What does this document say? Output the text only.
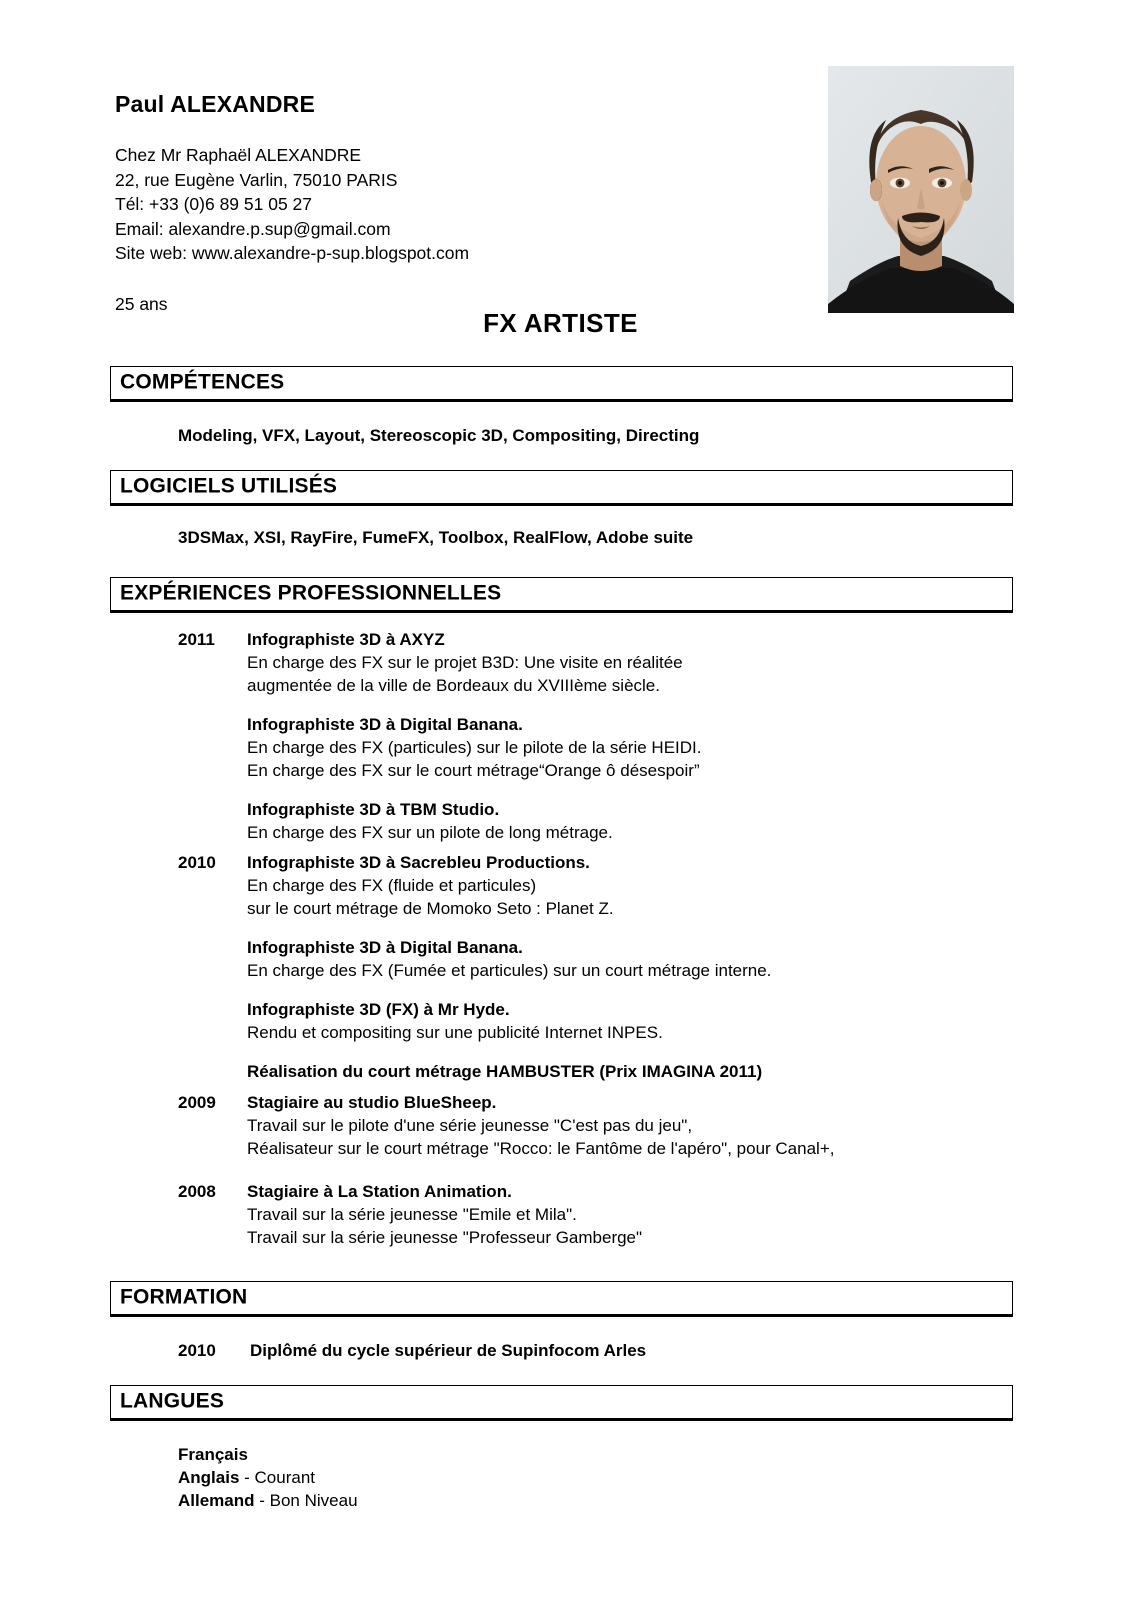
Paul ALEXANDRE
Chez Mr Raphaël ALEXANDRE
22, rue Eugène Varlin, 75010 PARIS
Tél: +33 (0)6 89 51 05 27
Email: alexandre.p.sup@gmail.com
Site web: www.alexandre-p-sup.blogspot.com
25 ans
FX ARTISTE
COMPÉTENCES
Modeling, VFX, Layout, Stereoscopic 3D, Compositing, Directing
LOGICIELS UTILISÉS
3DSMax, XSI, RayFire, FumeFX, Toolbox, RealFlow, Adobe suite
EXPÉRIENCES PROFESSIONNELLES
2011	Infographiste 3D à AXYZ
En charge des FX sur le projet B3D: Une visite en réalitée
augmentée de la ville de Bordeaux du XVIIIème siècle.
Infographiste 3D à Digital Banana.
En charge des FX (particules) sur le pilote de la série HEIDI.
En charge des FX sur le court métrage“Orange ô désespoir”
Infographiste 3D à TBM Studio.
En charge des FX sur un pilote de long métrage.
2010	Infographiste 3D à Sacrebleu Productions.
En charge des FX (fluide et particules)
sur le court métrage de Momoko Seto : Planet Z.
Infographiste 3D à Digital Banana.
En charge des FX (Fumée et particules) sur un court métrage interne.
Infographiste 3D (FX) à Mr Hyde.
Rendu et compositing sur une publicité Internet INPES.
Réalisation du court métrage HAMBUSTER (Prix IMAGINA 2011)
2009	Stagiaire au studio BlueSheep.
Travail sur le pilote d'une série jeunesse "C'est pas du jeu",
Réalisateur sur le court métrage "Rocco: le Fantôme de l'apéro", pour Canal+,
2008	Stagiaire à La Station Animation.
Travail sur la série jeunesse "Emile et Mila".
Travail sur la série jeunesse "Professeur Gamberge"
FORMATION
2010 Diplômé du cycle supérieur de Supinfocom Arles
LANGUES
Français
Anglais - Courant
Allemand - Bon Niveau
